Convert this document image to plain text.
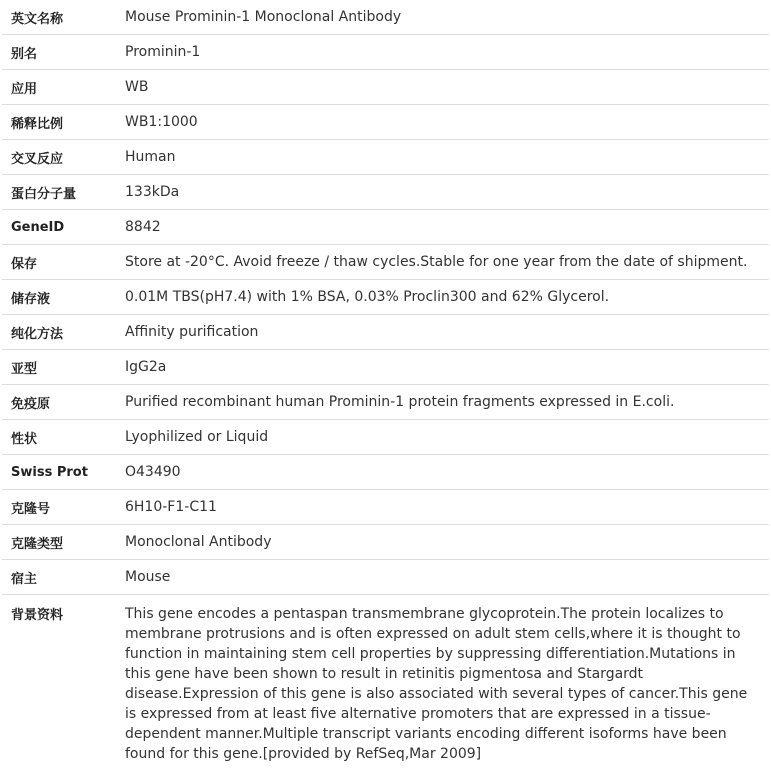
英文名称	Mouse Prominin-1 Monoclonal Antibody
别名	Prominin-1
应用	WB
稀释比例	WB1:1000
交叉反应	Human
蛋白分子量	133kDa
GeneID	8842
保存	Store at -20°C. Avoid freeze / thaw cycles.Stable for one year from the date of shipment.
储存液	0.01M TBS(pH7.4) with 1% BSA, 0.03% Proclin300 and 62% Glycerol.
纯化方法	Affinity purification
亚型	IgG2a
免疫原	Purified recombinant human Prominin-1 protein fragments expressed in E.coli.
性状	Lyophilized or Liquid
Swiss Prot	O43490
克隆号	6H10-F1-C11
克隆类型	Monoclonal Antibody
宿主	Mouse
背景资料	This gene encodes a pentaspan transmembrane glycoprotein.The protein localizes to membrane protrusions and is often expressed on adult stem cells,where it is thought to function in maintaining stem cell properties by suppressing differentiation.Mutations in this gene have been shown to result in retinitis pigmentosa and Stargardt disease.Expression of this gene is also associated with several types of cancer.This gene is expressed from at least five alternative promoters that are expressed in a tissue-dependent manner.Multiple transcript variants encoding different isoforms have been found for this gene.[provided by RefSeq,Mar 2009]
